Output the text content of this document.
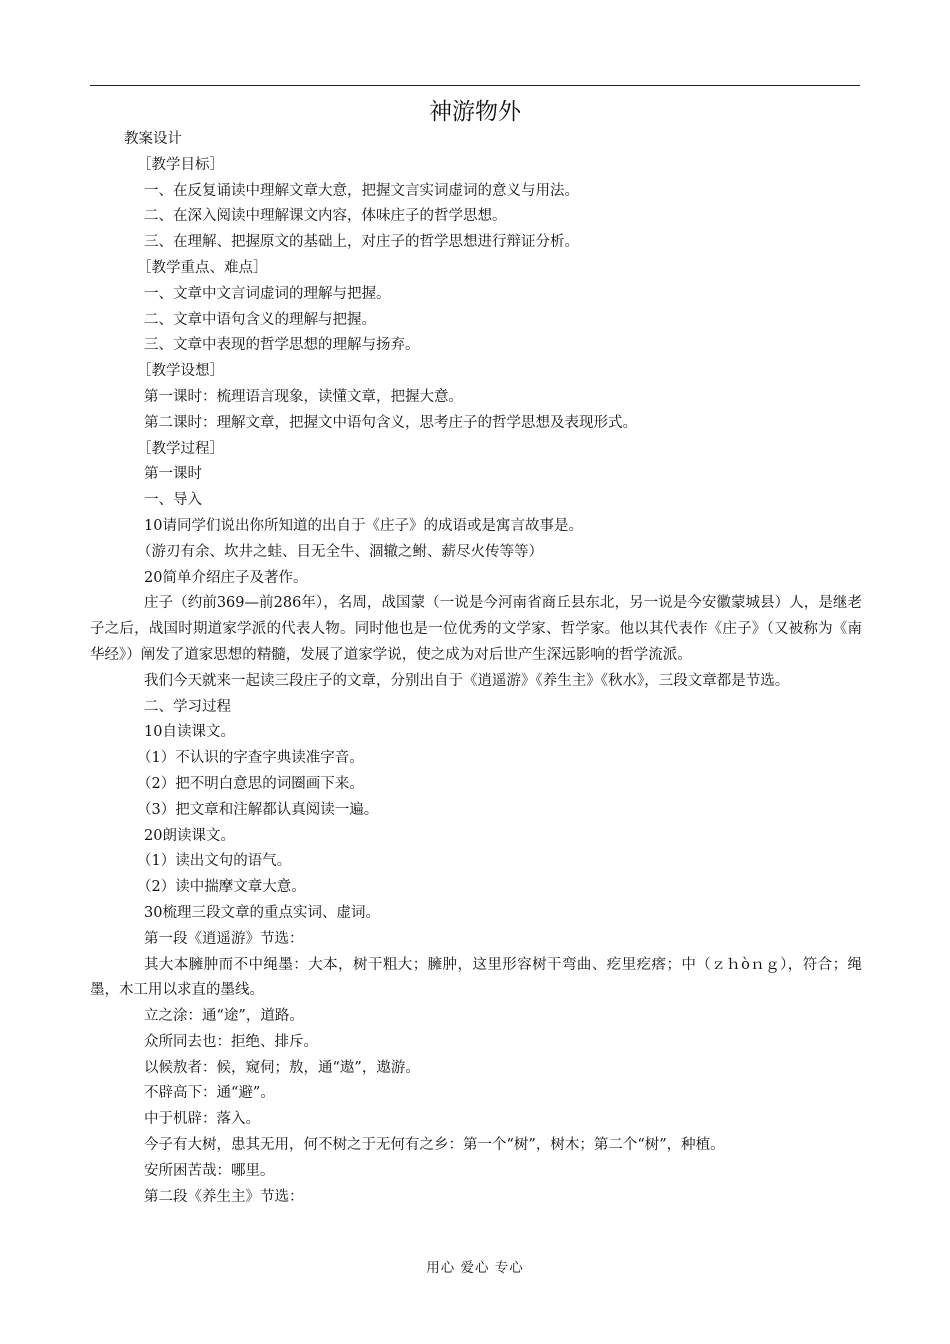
神游物外

教案设计

［教学目标］

一、在反复诵读中理解文章大意，把握文言实词虚词的意义与用法。

二、在深入阅读中理解课文内容，体味庄子的哲学思想。

三、在理解、把握原文的基础上，对庄子的哲学思想进行辩证分析。

［教学重点、难点］

一、文章中文言词虚词的理解与把握。

二、文章中语句含义的理解与把握。

三、文章中表现的哲学思想的理解与扬弃。

［教学设想］

第一课时：梳理语言现象，读懂文章，把握大意。

第二课时：理解文章，把握文中语句含义，思考庄子的哲学思想及表现形式。

［教学过程］

第一课时

一、导入

10请同学们说出你所知道的出自于《庄子》的成语或是寓言故事是。

（游刃有余、坎井之蛙、目无全牛、涸辙之鲋、薪尽火传等等）

20简单介绍庄子及著作。

庄子（约前369—前286年），名周，战国蒙（一说是今河南省商丘县东北，另一说是今安徽蒙城县）人，是继老子之后，战国时期道家学派的代表人物。同时他也是一位优秀的文学家、哲学家。他以其代表作《庄子》（又被称为《南华经》）阐发了道家思想的精髓，发展了道家学说，使之成为对后世产生深远影响的哲学流派。

我们今天就来一起读三段庄子的文章，分别出自于《逍遥游》《养生主》《秋水》，三段文章都是节选。

二、学习过程

10自读课文。

（1）不认识的字查字典读准字音。

（2）把不明白意思的词圈画下来。

（3）把文章和注解都认真阅读一遍。

20朗读课文。

（1）读出文句的语气。

（2）读中揣摩文章大意。

30梳理三段文章的重点实词、虚词。

第一段《逍遥游》节选：

其大本臃肿而不中绳墨：大本，树干粗大；臃肿，这里形容树干弯曲、疙里疙瘩；中（ｚｈòｎｇ），符合；绳墨，木工用以求直的墨线。

立之涂：通“途”，道路。

众所同去也：拒绝、排斥。

以候敖者：候，窥伺；敖，通“遨”，遨游。

不辟高下：通“避”。

中于机辟：落入。

今子有大树，患其无用，何不树之于无何有之乡：第一个“树”，树木；第二个“树”，种植。

安所困苦哉：哪里。

第二段《养生主》节选：

用心 爱心 专心
